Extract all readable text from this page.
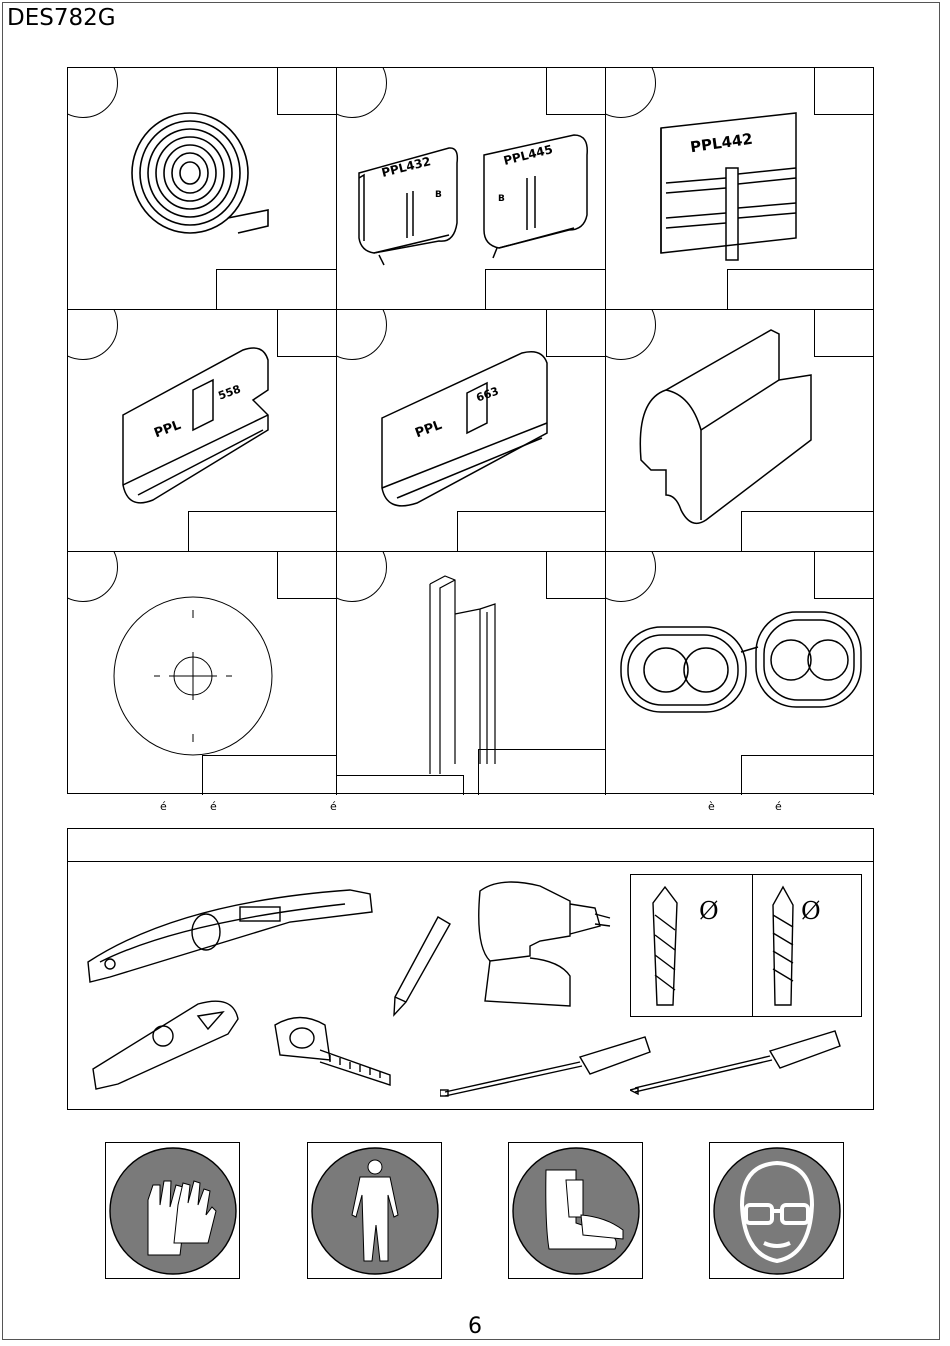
DES782G
PPL432
B
PPL445
B
PPL442
PPL
558
PPL
663
é	é	é	è	é
Ø	Ø
6
